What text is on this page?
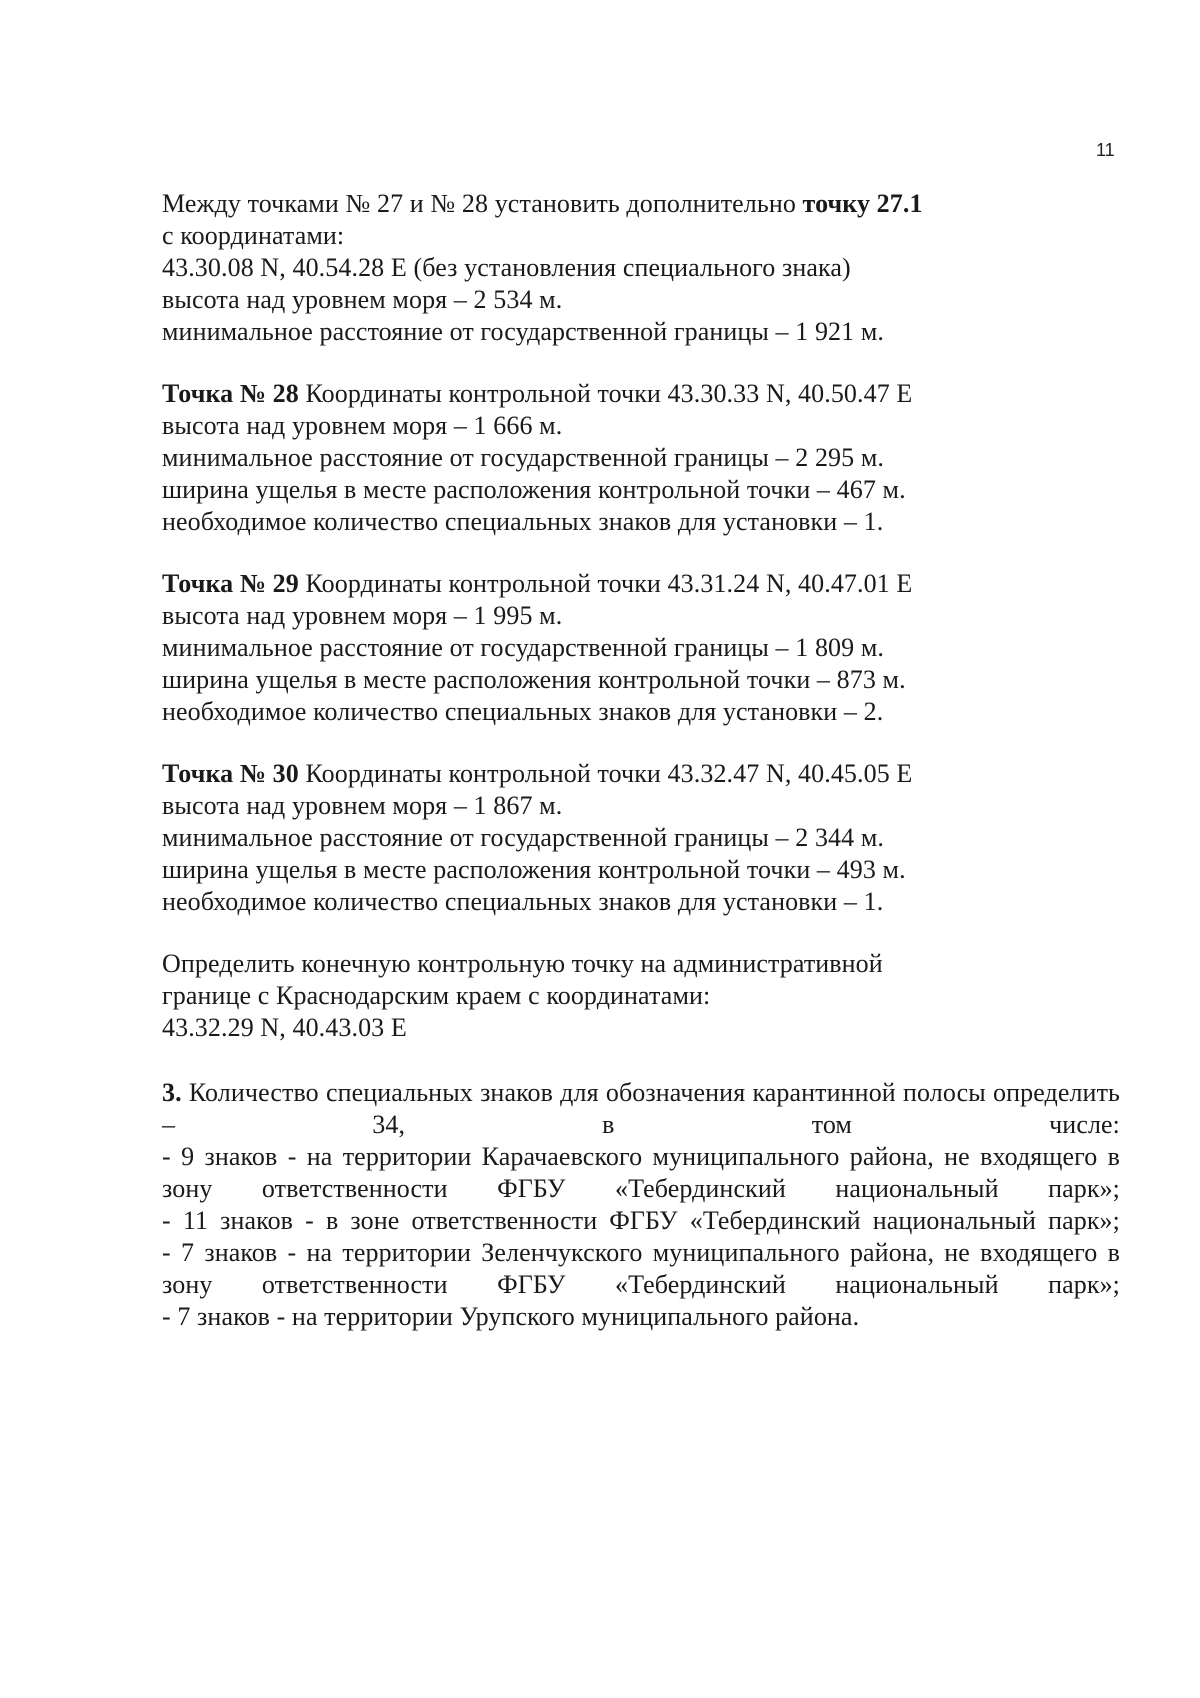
11
Между точками № 27 и № 28 установить дополнительно точку 27.1
с координатами:
43.30.08 N, 40.54.28 E (без установления специального знака)
высота над уровнем моря – 2 534 м.
минимальное расстояние от государственной границы – 1 921 м.
Точка № 28 Координаты контрольной точки 43.30.33 N, 40.50.47 E
высота над уровнем моря – 1 666 м.
минимальное расстояние от государственной границы – 2 295 м.
ширина ущелья в месте расположения контрольной точки – 467 м.
необходимое количество специальных знаков для установки – 1.
Точка № 29 Координаты контрольной точки 43.31.24 N, 40.47.01 E
высота над уровнем моря – 1 995 м.
минимальное расстояние от государственной границы – 1 809 м.
ширина ущелья в месте расположения контрольной точки – 873 м.
необходимое количество специальных знаков для установки – 2.
Точка № 30 Координаты контрольной точки 43.32.47 N, 40.45.05 E
высота над уровнем моря – 1 867 м.
минимальное расстояние от государственной границы – 2 344 м.
ширина ущелья в месте расположения контрольной точки – 493 м.
необходимое количество специальных знаков для установки – 1.
Определить конечную контрольную точку на административной
границе с Краснодарским краем с координатами:
43.32.29 N, 40.43.03 E
3. Количество специальных знаков для обозначения карантинной полосы определить – 34, в том числе:
- 9 знаков - на территории Карачаевского муниципального района, не входящего в зону ответственности ФГБУ «Тебердинский национальный парк»;
- 11 знаков - в зоне ответственности ФГБУ «Тебердинский национальный парк»;
- 7 знаков - на территории Зеленчукского муниципального района, не входящего в зону ответственности ФГБУ «Тебердинский национальный парк»;
- 7 знаков - на территории Урупского муниципального района.
